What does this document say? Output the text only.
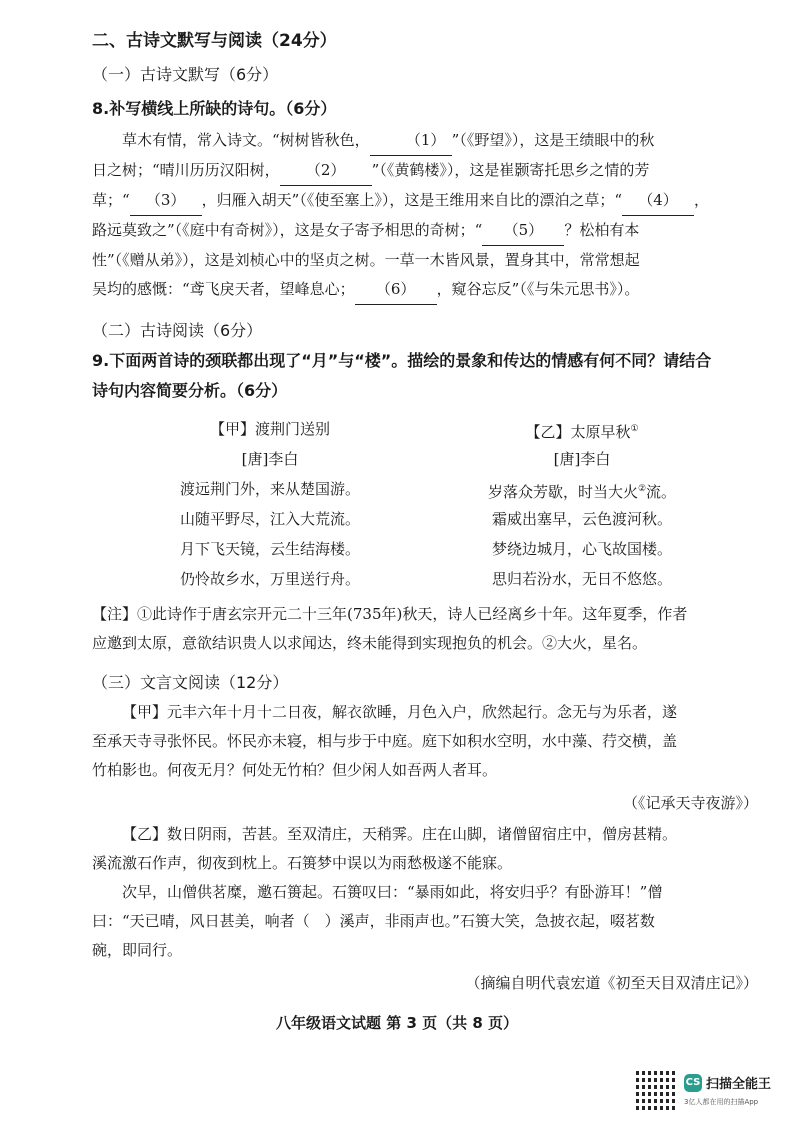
二、古诗文默写与阅读（24分）
（一）古诗文默写（6分）
8.补写横线上所缺的诗句。（6分）

草木有情，常入诗文。“树树皆秋色， （1） ”（《野望》），这是王绩眼中的秋

日之树；“晴川历历汉阳树， （2） ”（《黄鹤楼》），这是崔颢寄托思乡之情的芳

草；“ （3） ，归雁入胡天”（《使至塞上》），这是王维用来自比的漂泊之草；“ （4） ，

路远莫致之”（《庭中有奇树》），这是女子寄予相思的奇树；“ （5） ？松柏有本

性”（《赠从弟》），这是刘桢心中的坚贞之树。一草一木皆风景，置身其中，常常想起

吴均的感慨：“鸢飞戾天者，望峰息心； （6） ，窥谷忘反”（《与朱元思书》）。

（二）古诗阅读（6分）
9.下面两首诗的颈联都出现了“月”与“楼”。描绘的景象和传达的情感有何不同？请结合
诗句内容简要分析。（6分）
【甲】渡荆门送别
[唐]李白
渡远荆门外，来从楚国游。
山随平野尽，江入大荒流。
月下飞天镜，云生结海楼。
仍怜故乡水，万里送行舟。
【乙】太原早秋①
[唐]李白
岁落众芳歇，时当大火②流。
霜威出塞早，云色渡河秋。
梦绕边城月，心飞故国楼。
思归若汾水，无日不悠悠。

【注】①此诗作于唐玄宗开元二十三年(735年)秋天，诗人已经离乡十年。这年夏季，作者

应邀到太原，意欲结识贵人以求闻达，终未能得到实现抱负的机会。②大火，星名。

（三）文言文阅读（12分）

【甲】元丰六年十月十二日夜，解衣欲睡，月色入户，欣然起行。念无与为乐者，遂

至承天寺寻张怀民。怀民亦未寝，相与步于中庭。庭下如积水空明，水中藻、荇交横，盖

竹柏影也。何夜无月？何处无竹柏？但少闲人如吾两人者耳。

（《记承天寺夜游》）

【乙】数日阴雨，苦甚。至双清庄，天稍霁。庄在山脚，诸僧留宿庄中，僧房甚精。

溪流激石作声，彻夜到枕上。石篑梦中误以为雨愁极遂不能寐。

次早，山僧供茗糜，邀石篑起。石篑叹曰：“暴雨如此，将安归乎？有卧游耳！”僧

曰：“天已晴，风日甚美，响者（　）溪声，非雨声也。”石篑大笑，急披衣起，啜茗数

碗，即同行。

（摘编自明代袁宏道《初至天目双清庄记》）
八年级语文试题 第 3 页（共 8 页）
CS 扫描全能王
3亿人都在用的扫描App
